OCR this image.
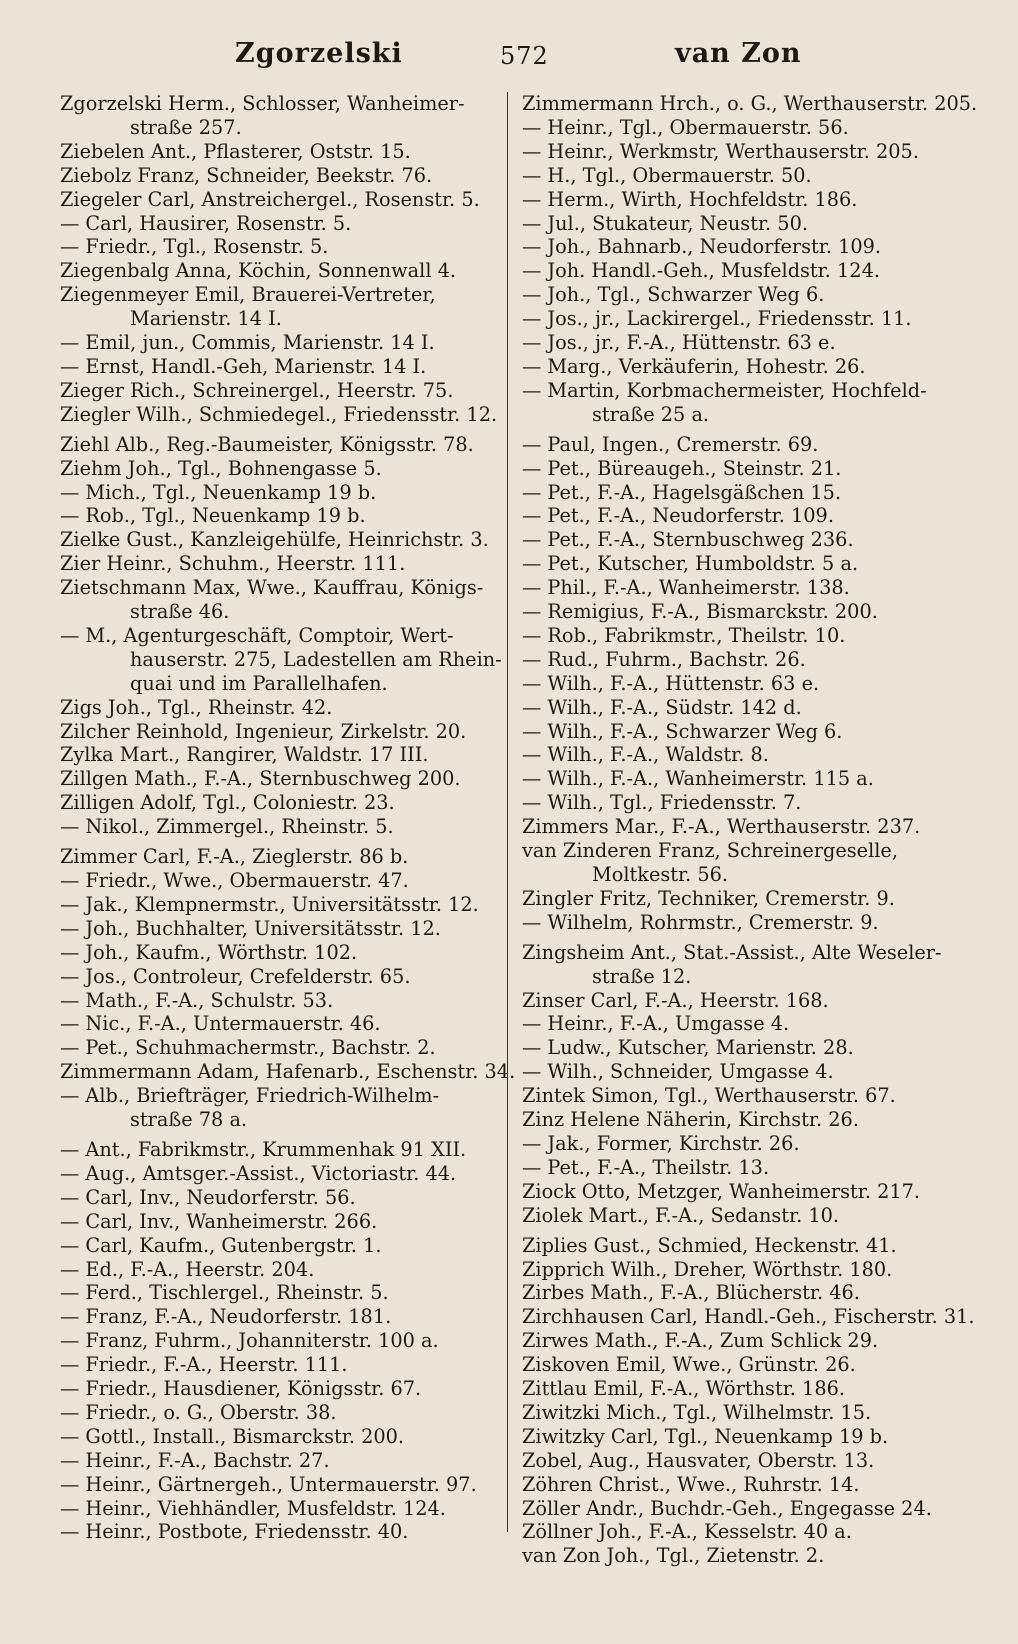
Zgorzelski	572	van Zon
Zgorzelski Herm., Schlosser, Wanheimer-
straße 257.
Ziebelen Ant., Pflasterer, Oststr. 15.
Ziebolz Franz, Schneider, Beekstr. 76.
Ziegeler Carl, Anstreichergel., Rosenstr. 5.
— Carl, Hausirer, Rosenstr. 5.
— Friedr., Tgl., Rosenstr. 5.
Ziegenbalg Anna, Köchin, Sonnenwall 4.
Ziegenmeyer Emil, Brauerei-Vertreter,
Marienstr. 14 I.
— Emil, jun., Commis, Marienstr. 14 I.
— Ernst, Handl.-Geh, Marienstr. 14 I.
Zieger Rich., Schreinergel., Heerstr. 75.
Ziegler Wilh., Schmiedegel., Friedensstr. 12.
Ziehl Alb., Reg.-Baumeister, Königsstr. 78.
Ziehm Joh., Tgl., Bohnengasse 5.
— Mich., Tgl., Neuenkamp 19 b.
— Rob., Tgl., Neuenkamp 19 b.
Zielke Gust., Kanzleigehülfe, Heinrichstr. 3.
Zier Heinr., Schuhm., Heerstr. 111.
Zietschmann Max, Wwe., Kauffrau, Königs-
straße 46.
— M., Agenturgeschäft, Comptoir, Wert-
hauserstr. 275, Ladestellen am Rhein-
quai und im Parallelhafen.
Zigs Joh., Tgl., Rheinstr. 42.
Zilcher Reinhold, Ingenieur, Zirkelstr. 20.
Zylka Mart., Rangirer, Waldstr. 17 III.
Zillgen Math., F.-A., Sternbuschweg 200.
Zilligen Adolf, Tgl., Coloniestr. 23.
— Nikol., Zimmergel., Rheinstr. 5.
Zimmer Carl, F.-A., Zieglerstr. 86 b.
— Friedr., Wwe., Obermauerstr. 47.
— Jak., Klempnermstr., Universitätsstr. 12.
— Joh., Buchhalter, Universitätsstr. 12.
— Joh., Kaufm., Wörthstr. 102.
— Jos., Controleur, Crefelderstr. 65.
— Math., F.-A., Schulstr. 53.
— Nic., F.-A., Untermauerstr. 46.
— Pet., Schuhmachermstr., Bachstr. 2.
Zimmermann Adam, Hafenarb., Eschenstr. 34.
— Alb., Briefträger, Friedrich-Wilhelm-
straße 78 a.
— Ant., Fabrikmstr., Krummenhak 91 XII.
— Aug., Amtsger.-Assist., Victoriastr. 44.
— Carl, Inv., Neudorferstr. 56.
— Carl, Inv., Wanheimerstr. 266.
— Carl, Kaufm., Gutenbergstr. 1.
— Ed., F.-A., Heerstr. 204.
— Ferd., Tischlergel., Rheinstr. 5.
— Franz, F.-A., Neudorferstr. 181.
— Franz, Fuhrm., Johanniterstr. 100 a.
— Friedr., F.-A., Heerstr. 111.
— Friedr., Hausdiener, Königsstr. 67.
— Friedr., o. G., Oberstr. 38.
— Gottl., Install., Bismarckstr. 200.
— Heinr., F.-A., Bachstr. 27.
— Heinr., Gärtnergeh., Untermauerstr. 97.
— Heinr., Viehhändler, Musfeldstr. 124.
— Heinr., Postbote, Friedensstr. 40.
Zimmermann Hrch., o. G., Werthauserstr. 205.
— Heinr., Tgl., Obermauerstr. 56.
— Heinr., Werkmstr, Werthauserstr. 205.
— H., Tgl., Obermauerstr. 50.
— Herm., Wirth, Hochfeldstr. 186.
— Jul., Stukateur, Neustr. 50.
— Joh., Bahnarb., Neudorferstr. 109.
— Joh. Handl.-Geh., Musfeldstr. 124.
— Joh., Tgl., Schwarzer Weg 6.
— Jos., jr., Lackirergel., Friedensstr. 11.
— Jos., jr., F.-A., Hüttenstr. 63 e.
— Marg., Verkäuferin, Hohestr. 26.
— Martin, Korbmachermeister, Hochfeld-
straße 25 a.
— Paul, Ingen., Cremerstr. 69.
— Pet., Büreaugeh., Steinstr. 21.
— Pet., F.-A., Hagelsgäßchen 15.
— Pet., F.-A., Neudorferstr. 109.
— Pet., F.-A., Sternbuschweg 236.
— Pet., Kutscher, Humboldstr. 5 a.
— Phil., F.-A., Wanheimerstr. 138.
— Remigius, F.-A., Bismarckstr. 200.
— Rob., Fabrikmstr., Theilstr. 10.
— Rud., Fuhrm., Bachstr. 26.
— Wilh., F.-A., Hüttenstr. 63 e.
— Wilh., F.-A., Südstr. 142 d.
— Wilh., F.-A., Schwarzer Weg 6.
— Wilh., F.-A., Waldstr. 8.
— Wilh., F.-A., Wanheimerstr. 115 a.
— Wilh., Tgl., Friedensstr. 7.
Zimmers Mar., F.-A., Werthauserstr. 237.
van Zinderen Franz, Schreinergeselle,
Moltkestr. 56.
Zingler Fritz, Techniker, Cremerstr. 9.
— Wilhelm, Rohrmstr., Cremerstr. 9.
Zingsheim Ant., Stat.-Assist., Alte Weseler-
straße 12.
Zinser Carl, F.-A., Heerstr. 168.
— Heinr., F.-A., Umgasse 4.
— Ludw., Kutscher, Marienstr. 28.
— Wilh., Schneider, Umgasse 4.
Zintek Simon, Tgl., Werthauserstr. 67.
Zinz Helene Näherin, Kirchstr. 26.
— Jak., Former, Kirchstr. 26.
— Pet., F.-A., Theilstr. 13.
Ziock Otto, Metzger, Wanheimerstr. 217.
Ziolek Mart., F.-A., Sedanstr. 10.
Ziplies Gust., Schmied, Heckenstr. 41.
Zipprich Wilh., Dreher, Wörthstr. 180.
Zirbes Math., F.-A., Blücherstr. 46.
Zirchhausen Carl, Handl.-Geh., Fischerstr. 31.
Zirwes Math., F.-A., Zum Schlick 29.
Ziskoven Emil, Wwe., Grünstr. 26.
Zittlau Emil, F.-A., Wörthstr. 186.
Ziwitzki Mich., Tgl., Wilhelmstr. 15.
Ziwitzky Carl, Tgl., Neuenkamp 19 b.
Zobel, Aug., Hausvater, Oberstr. 13.
Zöhren Christ., Wwe., Ruhrstr. 14.
Zöller Andr., Buchdr.-Geh., Engegasse 24.
Zöllner Joh., F.-A., Kesselstr. 40 a.
van Zon Joh., Tgl., Zietenstr. 2.
